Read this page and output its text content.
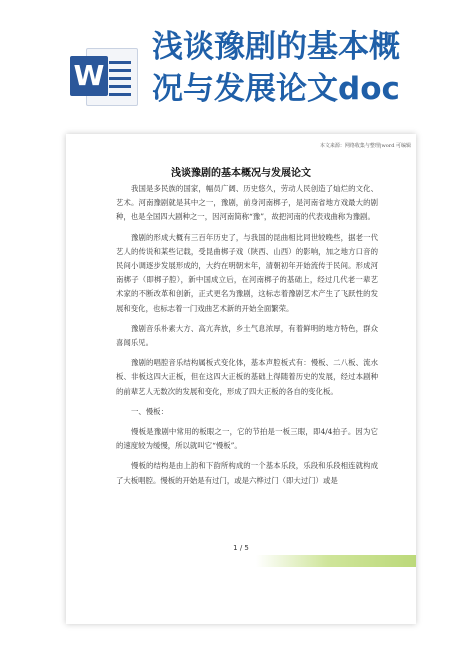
W
浅谈豫剧的基本概
况与发展论文doc
本文来源：网络收集与整理|word 可编辑
浅谈豫剧的基本概况与发展论文

我国是多民族的国家，幅员广阔、历史悠久，劳动人民创造了灿烂的文化、艺术。河南豫剧就是其中之一，豫剧，前身河南梆子，是河南省地方戏最大的剧种，也是全国四大剧种之一，因河南简称“豫”，故把河南的代表戏曲称为豫剧。

豫剧的形成大概有三百年历史了，与我国的昆曲相比同世较晚些，据老一代艺人的传说和某些记载，受昆曲梆子戏（陕西、山西）的影响，加之地方口音的民间小调逐步发展形成的，大约在明朝末年，清朝初年开始流传于民间。形成河南梆子（即梆子腔），新中国成立后，在河南梆子的基础上，经过几代老一辈艺术家的不断改革和创新，正式更名为豫剧，这标志着豫剧艺术产生了飞跃性的发展和变化，也标志着一门戏曲艺术新的开始全面繁荣。

豫剧音乐朴素大方、高亢奔放，乡土气息浓厚，有着鲜明的地方特色，群众喜闻乐见。

豫剧的唱腔音乐结构属板式变化体，基本声腔板式有：慢板、二八板、流水板、非板这四大正板，但在这四大正板的基础上得随着历史的发展，经过本剧种的前辈艺人无数次的发展和变化，形成了四大正板的各自的变化板。

一、慢板：

慢板是豫剧中常用的板眼之一，它的节拍是一板三眼，即4/4拍子。因为它的速度较为缓慢，所以就叫它“慢板”。

慢板的结构是由上韵和下韵所构成的一个基本乐段，乐段和乐段相连就构成了大板唱腔。慢板的开始是有过门，或是六桦过门（即大过门）或是

1 / 5
